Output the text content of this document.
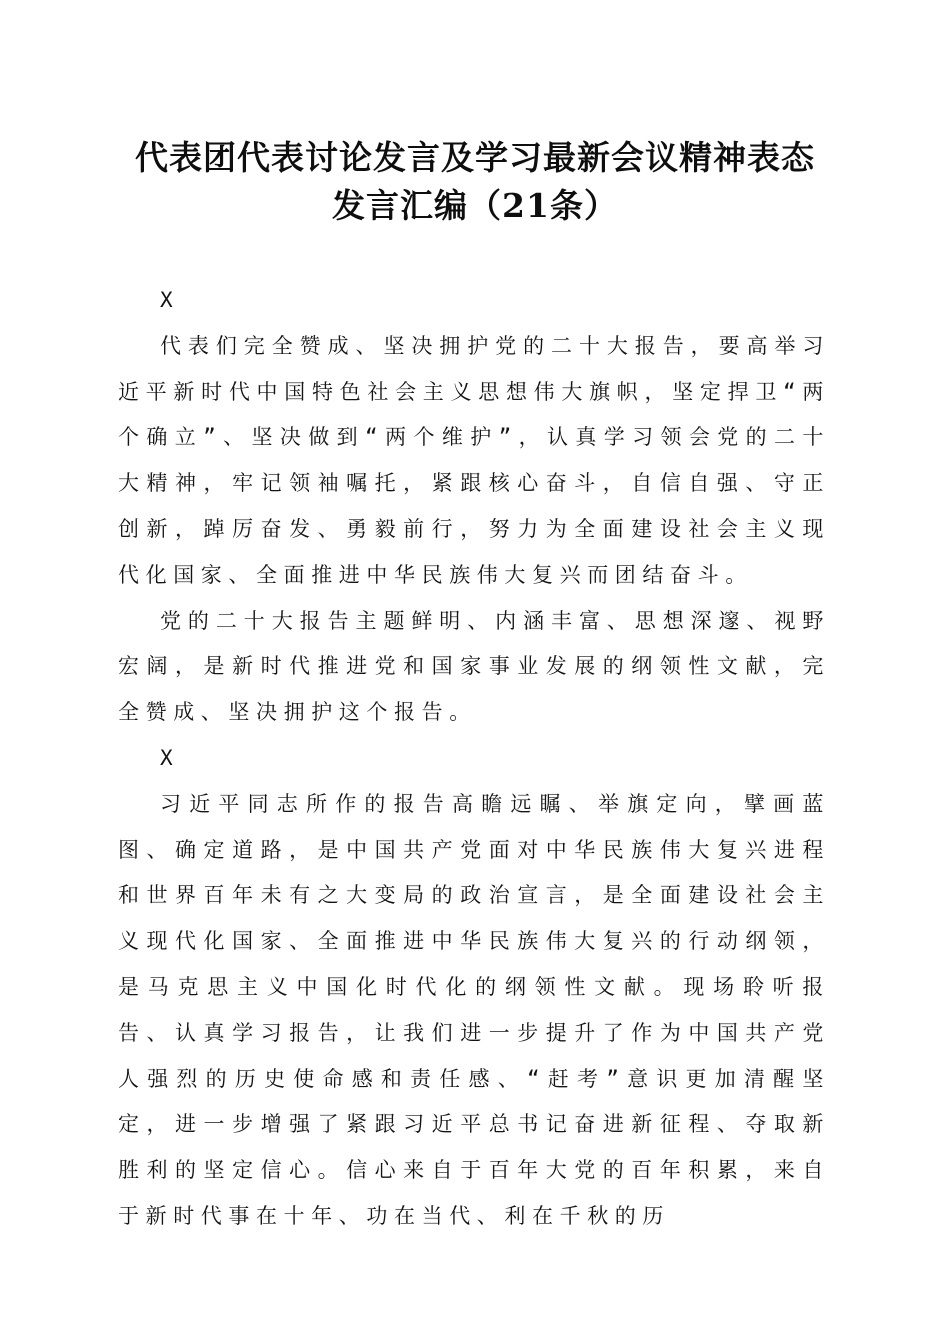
代表团代表讨论发言及学习最新会议精神表态
发言汇编（21条）

X

代表们完全赞成、坚决拥护党的二十大报告，要高举习近平新时代中国特色社会主义思想伟大旗帜，坚定捍卫“两个确立”、坚决做到“两个维护”，认真学习领会党的二十大精神，牢记领袖嘱托，紧跟核心奋斗，自信自强、守正创新，踔厉奋发、勇毅前行，努力为全面建设社会主义现代化国家、全面推进中华民族伟大复兴而团结奋斗。

党的二十大报告主题鲜明、内涵丰富、思想深邃、视野宏阔，是新时代推进党和国家事业发展的纲领性文献，完全赞成、坚决拥护这个报告。

X

习近平同志所作的报告高瞻远瞩、举旗定向，擘画蓝图、确定道路，是中国共产党面对中华民族伟大复兴进程和世界百年未有之大变局的政治宣言，是全面建设社会主义现代化国家、全面推进中华民族伟大复兴的行动纲领，是马克思主义中国化时代化的纲领性文献。现场聆听报告、认真学习报告，让我们进一步提升了作为中国共产党人强烈的历史使命感和责任感、“赶考”意识更加清醒坚定，进一步增强了紧跟习近平总书记奋进新征程、夺取新胜利的坚定信心。信心来自于百年大党的百年积累，来自于新时代事在十年、功在当代、利在千秋的历
